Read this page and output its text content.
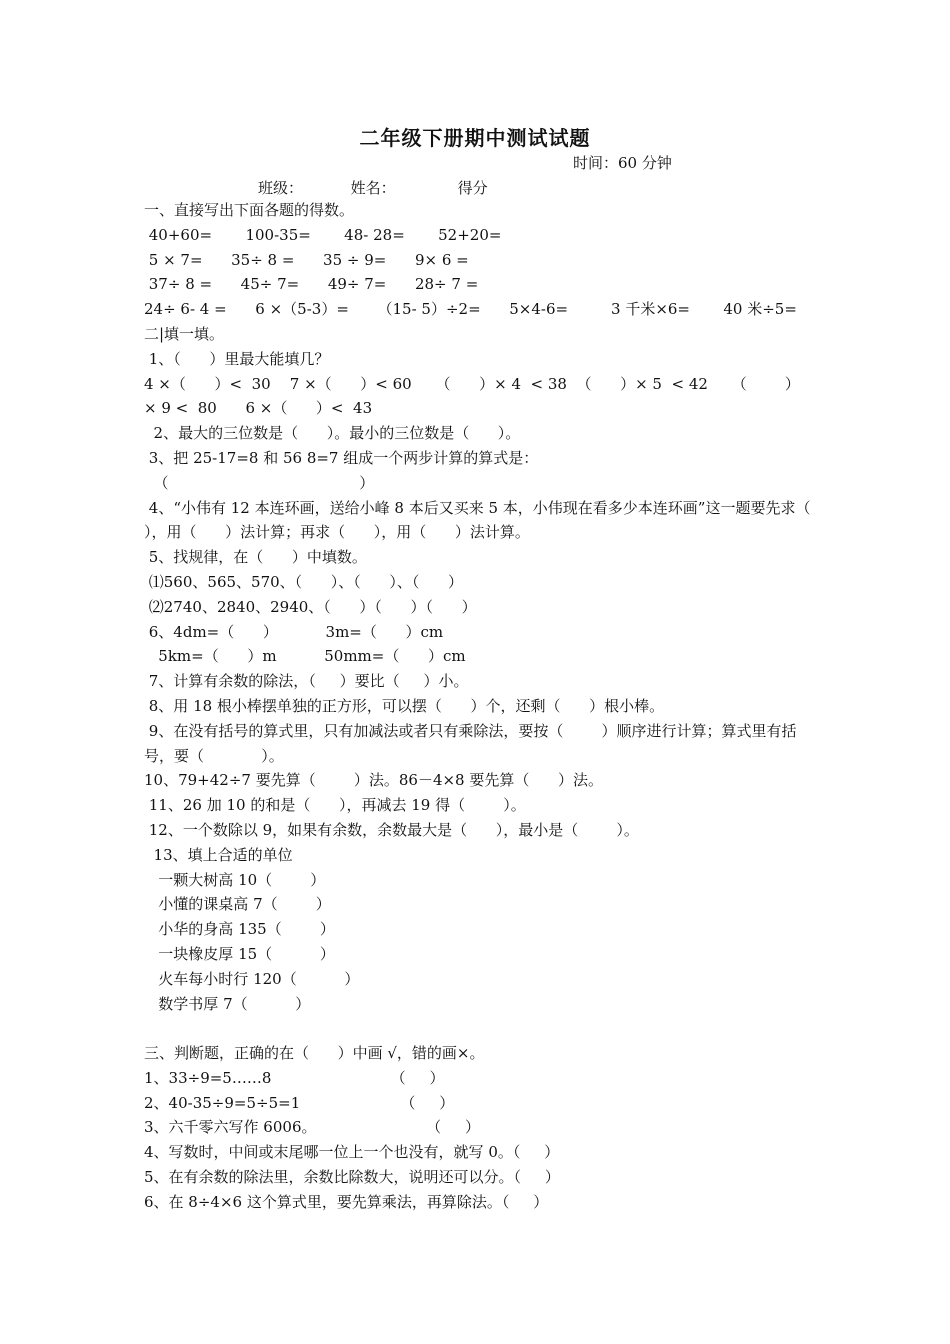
二年级下册期中测试试题
时间：60 分钟
班级：          姓名：             得分
一、直接写出下面各题的得数。
40+60=       100-35=       48- 28=       52+20=
5 × 7=      35÷ 8 =      35 ÷ 9=      9× 6 =
37÷ 8 =      45÷ 7=      49÷ 7=      28÷ 7 =
24÷ 6- 4 =      6 ×（5-3）=      （15- 5）÷2=      5×4-6=         3 千米×6=       40 米÷5=
二|填一填。
1、（      ）里最大能填几？
4 ×（      ）<  30    7 ×（      ）< 60     （      ）× 4  < 38  （      ）× 5  < 42     （        ）× 9 <  80      6 ×（      ）<  43
2、最大的三位数是（      ）。最小的三位数是（      ）。
3、把 25-17=8 和 56 8=7 组成一个两步计算的算式是：
（                                        ）
4、“小伟有 12 本连环画，送给小峰 8 本后又买来 5 本，小伟现在看多少本连环画”这一题要先求（      ），用（      ）法计算；再求（      ），用（      ）法计算。
5、找规律，在（      ）中填数。
⑴560、565、570、（      ）、（      ）、（      ）
⑵2740、2840、2940、（      ）（      ）（      ）
6、4dm=（      ）          3m=（      ）cm
5km=（      ）m          50mm=（      ）cm
7、计算有余数的除法，（     ）要比（     ）小。
8、用 18 根小棒摆单独的正方形，可以摆（      ）个，还剩（      ）根小棒。
9、在没有括号的算式里，只有加减法或者只有乘除法，要按（        ）顺序进行计算；算式里有括号，要（            ）。
10、79+42÷7 要先算（        ）法。86－4×8 要先算（      ）法。
11、26 加 10 的和是（      ），再减去 19 得（        ）。
12、一个数除以 9，如果有余数，余数最大是（      ），最小是（        ）。
13、填上合适的单位
一颗大树高 10（        ）
小懂的课桌高 7（        ）
小华的身高 135（        ）
一块橡皮厚 15（          ）
火车每小时行 120（          ）
数学书厚 7（          ）
三、判断题，正确的在（      ）中画 √，错的画×。
1、33÷9=5……8                         （     ）
2、40-35÷9=5÷5=1                     （     ）
3、六千零六写作 6006。                       （     ）
4、写数时，中间或末尾哪一位上一个也没有，就写 0。（     ）
5、在有余数的除法里，余数比除数大，说明还可以分。（     ）
6、在 8÷4×6 这个算式里，要先算乘法，再算除法。（     ）
